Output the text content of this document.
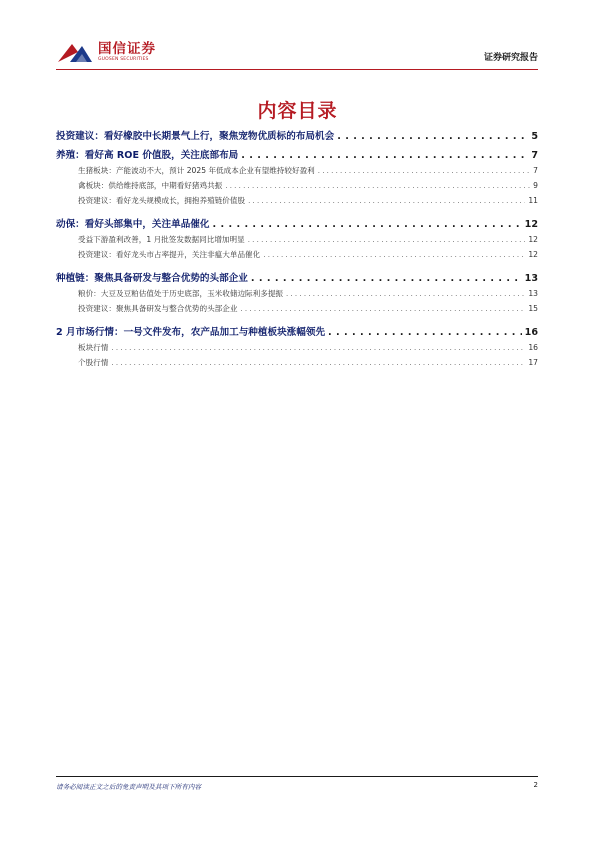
国信证券
GUOSEN SECURITIES	证券研究报告
内容目录
投资建议：看好橡胶中长期景气上行，聚焦宠物优质标的布局机会 . . .	5
养殖：看好高 ROE 价值股，关注底部布局 . . .	7
生猪板块：产能波动不大，预计 2025 年低成本企业有望维持较好盈利 . . .	7
禽板块：供给维持底部，中期看好猪鸡共振 . . .	9
投资建议：看好龙头规模成长，拥抱养殖链价值股 . . .	11
动保：看好头部集中，关注单品催化 . . .	12
受益下游盈利改善，1 月批签发数据同比增加明显 . . .	12
投资建议：看好龙头市占率提升，关注非瘟大单品催化 . . .	12
种植链：聚焦具备研发与整合优势的头部企业 . . .	13
粮价：大豆及豆粕估值处于历史底部，玉米收储边际利多提振 . . .	13
投资建议：聚焦具备研发与整合优势的头部企业 . . .	15
2 月市场行情：一号文件发布，农产品加工与种植板块涨幅领先 . . .	16
板块行情 . . .	16
个股行情 . . .	17
请务必阅读正文之后的免责声明及其项下所有内容	2
